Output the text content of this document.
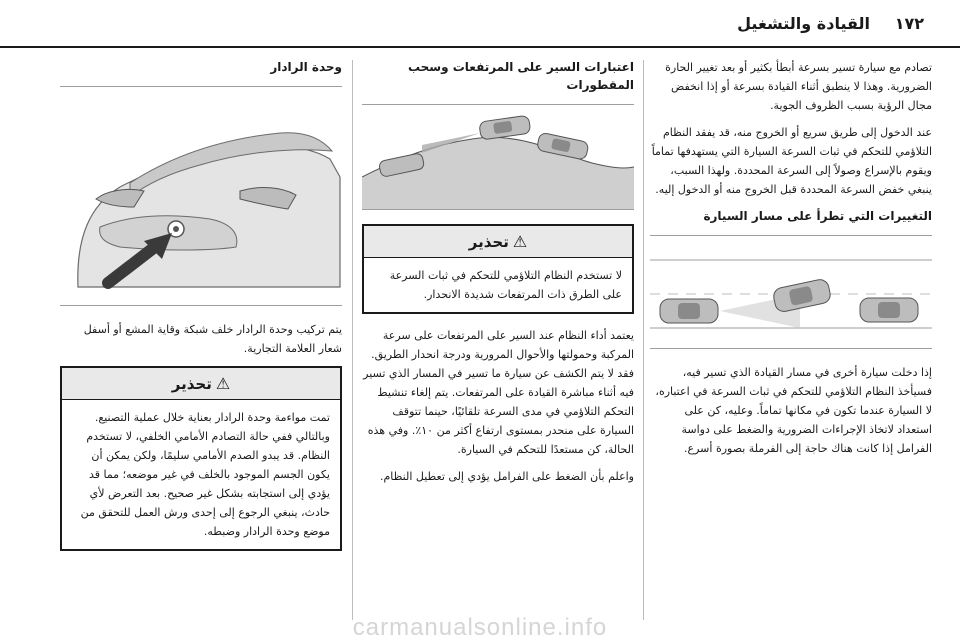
١٧٢
القيادة والتشغيل

تصادم مع سيارة تسير بسرعة أبطأ بكثير أو بعد تغيير الحارة الضرورية. وهذا لا ينطبق أثناء القيادة بسرعة أو إذا انخفض مجال الرؤية بسبب الظروف الجوية.

عند الدخول إلى طريق سريع أو الخروج منه، قد يفقد النظام التلاؤمي للتحكم في ثبات السرعة السيارة التي يستهدفها تماماً ويقوم بالإسراع وصولاً إلى السرعة المحددة. ولهذا السبب، ينبغي خفض السرعة المحددة قبل الخروج منه أو الدخول إليه.

التغييرات التي تطرأ على مسار السيارة

إذا دخلت سيارة أخرى في مسار القيادة الذي تسير فيه، فسيأخذ النظام التلاؤمي للتحكم في ثبات السرعة في اعتباره، لا السيارة عندما تكون في مكانها تماماً. وعليه، كن على استعداد لاتخاذ الإجراءات الضرورية والضغط على دواسة الفرامل إذا كانت هناك حاجة إلى الفرملة بصورة أسرع.

اعتبارات السير على المرتفعات وسحب المقطورات
⚠تحذير

لا تستخدم النظام التلاؤمي للتحكم في ثبات السرعة على الطرق ذات المرتفعات شديدة الانحدار.

يعتمد أداء النظام عند السير على المرتفعات على سرعة المركبة وحمولتها والأحوال المرورية ودرجة انحدار الطريق. فقد لا يتم الكشف عن سيارة ما تسير في المسار الذي تسير فيه أثناء مباشرة القيادة على المرتفعات. يتم إلغاء تنشيط التحكم التلاؤمي في مدى السرعة تلقائيًا، حينما تتوقف السيارة على منحدر بمستوى ارتفاع أكثر من ١٠٪. وفي هذه الحالة، كن مستعدًا للتحكم في السيارة.

واعلم بأن الضغط على الفرامل يؤدي إلى تعطيل النظام.

وحدة الرادار

يتم تركيب وحدة الرادار خلف شبكة وقاية المشع أو أسفل شعار العلامة التجارية.

⚠تحذير

تمت مواءمة وحدة الرادار بعناية خلال عملية التصنيع. وبالتالي ففي حالة التصادم الأمامي الخلفي، لا تستخدم النظام. قد يبدو الصدم الأمامي سليمًا، ولكن يمكن أن يكون الجسم الموجود بالخلف في غير موضعه؛ مما قد يؤدي إلى استجابته بشكل غير صحيح. بعد التعرض لأي حادث، ينبغي الرجوع إلى إحدى ورش العمل للتحقق من موضع وحدة الرادار وضبطه.

carmanualsonline.info
